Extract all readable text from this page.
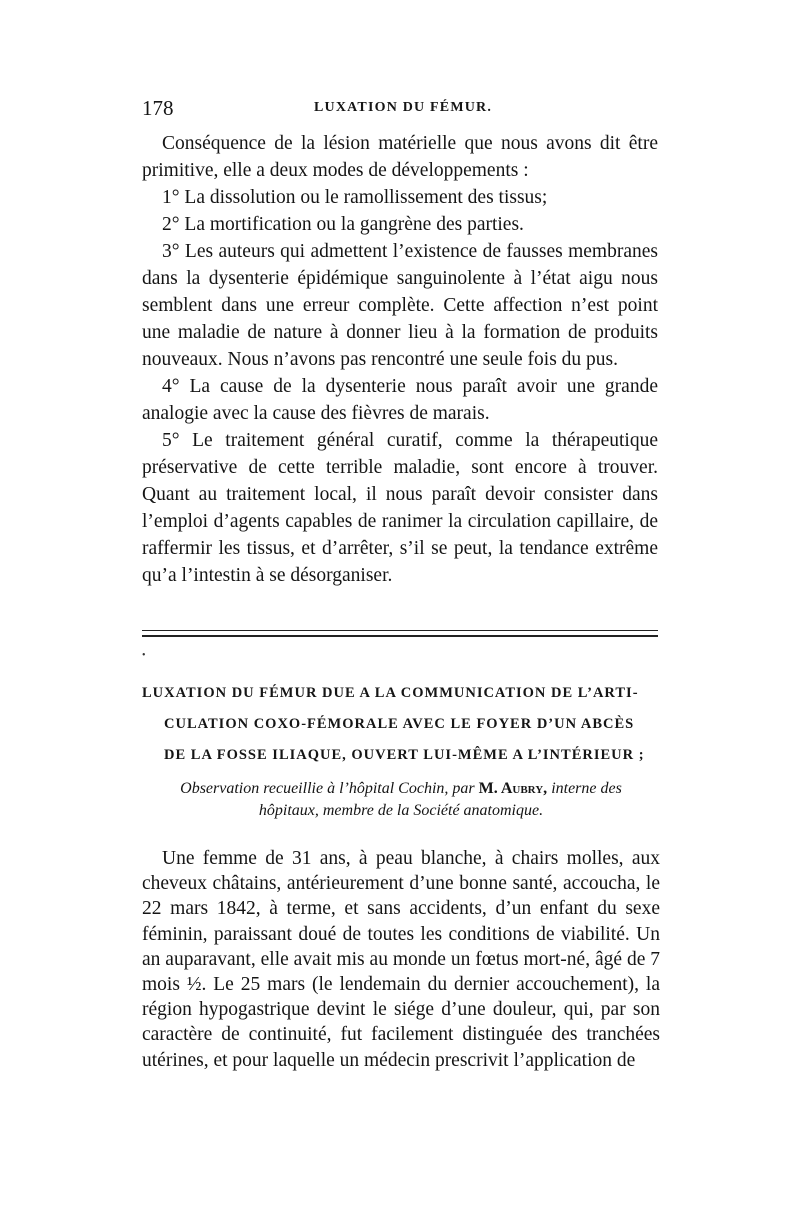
178	LUXATION DU FÉMUR.

Conséquence de la lésion matérielle que nous avons dit être primitive, elle a deux modes de développements :

1° La dissolution ou le ramollissement des tissus;

2° La mortification ou la gangrène des parties.

3° Les auteurs qui admettent l’existence de fausses membranes dans la dysenterie épidémique sanguinolente à l’état aigu nous semblent dans une erreur complète. Cette affection n’est point une maladie de nature à donner lieu à la formation de produits nouveaux. Nous n’avons pas rencontré une seule fois du pus.

4° La cause de la dysenterie nous paraît avoir une grande analogie avec la cause des fièvres de marais.

5° Le traitement général curatif, comme la thérapeutique préservative de cette terrible maladie, sont encore à trouver. Quant au traitement local, il nous paraît devoir consister dans l’emploi d’agents capables de ranimer la circulation capillaire, de raffermir les tissus, et d’arrêter, s’il se peut, la tendance extrême qu’a l’intestin à se désorganiser.

•
LUXATION DU FÉMUR DUE A LA COMMUNICATION DE L’ARTI-
CULATION COXO-FÉMORALE AVEC LE FOYER D’UN ABCÈS
DE LA FOSSE ILIAQUE, OUVERT LUI-MÊME A L’INTÉRIEUR ;
Observation recueillie à l’hôpital Cochin, par M. Aubry, interne des
hôpitaux, membre de la Société anatomique.

Une femme de 31 ans, à peau blanche, à chairs molles, aux cheveux châtains, antérieurement d’une bonne santé, accoucha, le 22 mars 1842, à terme, et sans accidents, d’un enfant du sexe féminin, paraissant doué de toutes les conditions de viabilité. Un an auparavant, elle avait mis au monde un fœtus mort-né, âgé de 7 mois ½. Le 25 mars (le lendemain du dernier accouchement), la région hypogastrique devint le siége d’une douleur, qui, par son caractère de continuité, fut facilement distinguée des tranchées utérines, et pour laquelle un médecin prescrivit l’application de
